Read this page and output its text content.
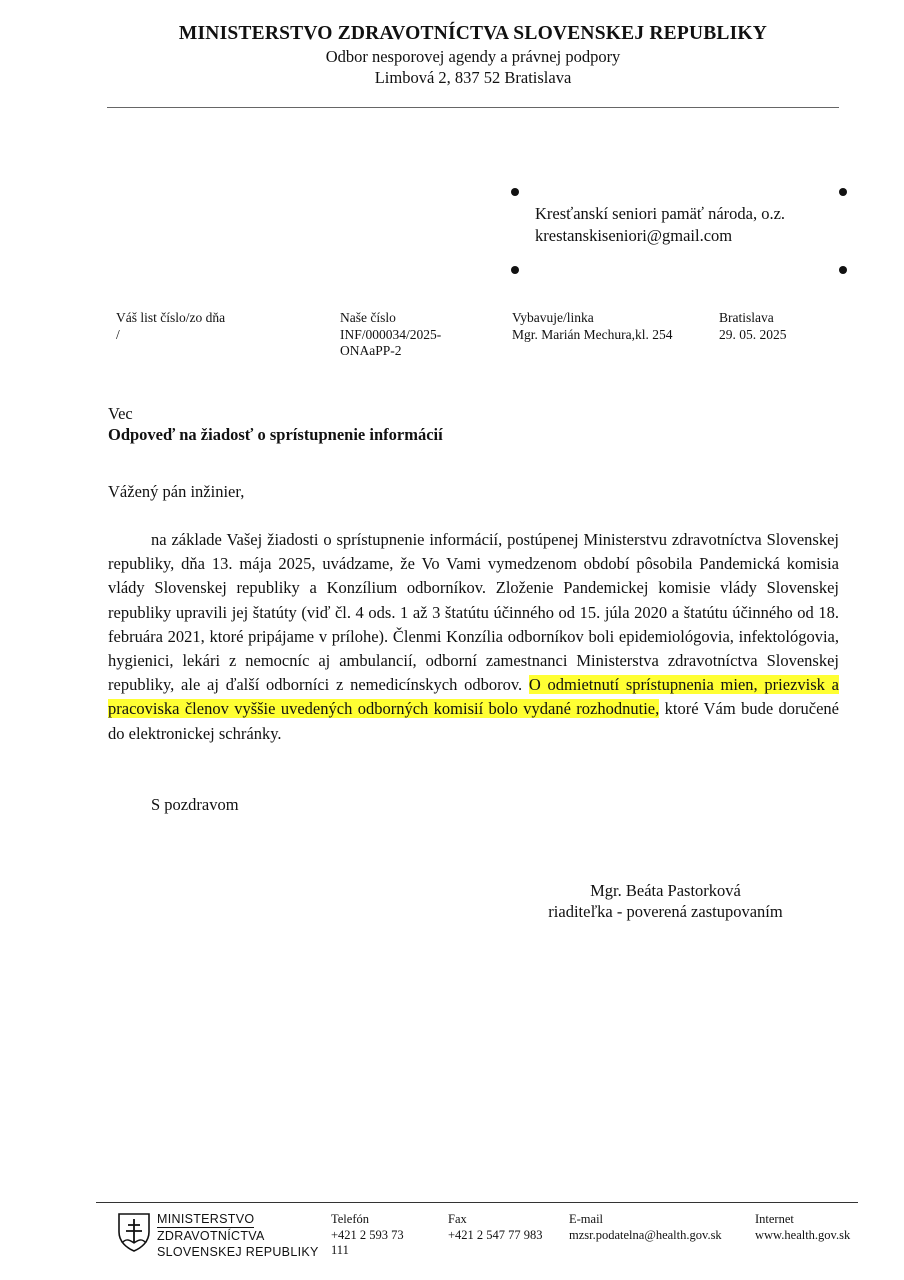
MINISTERSTVO ZDRAVOTNÍCTVA SLOVENSKEJ REPUBLIKY
Odbor nesporovej agendy a právnej podpory
Limbová 2, 837 52 Bratislava
Kresťanskí seniori pamäť národa, o.z.
krestanskiseniori@gmail.com
Váš list číslo/zo dňa
/
Naše číslo
INF/000034/2025-
ONAaPP-2
Vybavuje/linka
Mgr. Marián Mechura,kl. 254
Bratislava
29. 05. 2025
Vec
Odpoveď na žiadosť o sprístupnenie informácií
Vážený pán inžinier,
na základe Vašej žiadosti o sprístupnenie informácií, postúpenej Ministerstvu zdravotníctva Slovenskej republiky, dňa 13. mája 2025, uvádzame, že Vo Vami vymedzenom období pôsobila Pandemická komisia vlády Slovenskej republiky a Konzílium odborníkov. Zloženie Pandemickej komisie vlády Slovenskej republiky upravili jej štatúty (viď čl. 4 ods. 1 až 3 štatútu účinného od 15. júla 2020 a štatútu účinného od 18. februára 2021, ktoré pripájame v prílohe). Členmi Konzília odborníkov boli epidemiológovia, infektológovia, hygienici, lekári z nemocníc aj ambulancií, odborní zamestnanci Ministerstva zdravotníctva Slovenskej republiky, ale aj ďalší odborníci z nemedicínskych odborov. O odmietnutí sprístupnenia mien, priezvisk a pracoviska členov vyššie uvedených odborných komisií bolo vydané rozhodnutie, ktoré Vám bude doručené do elektronickej schránky.
S pozdravom
Mgr. Beáta Pastorková
riaditeľka - poverená zastupovaním
MINISTERSTVO
ZDRAVOTNÍCTVA
SLOVENSKEJ REPUBLIKY
Telefón
+421 2 593 73
111
Fax
+421 2 547 77 983
E-mail
mzsr.podatelna@health.gov.sk
Internet
www.health.gov.sk
